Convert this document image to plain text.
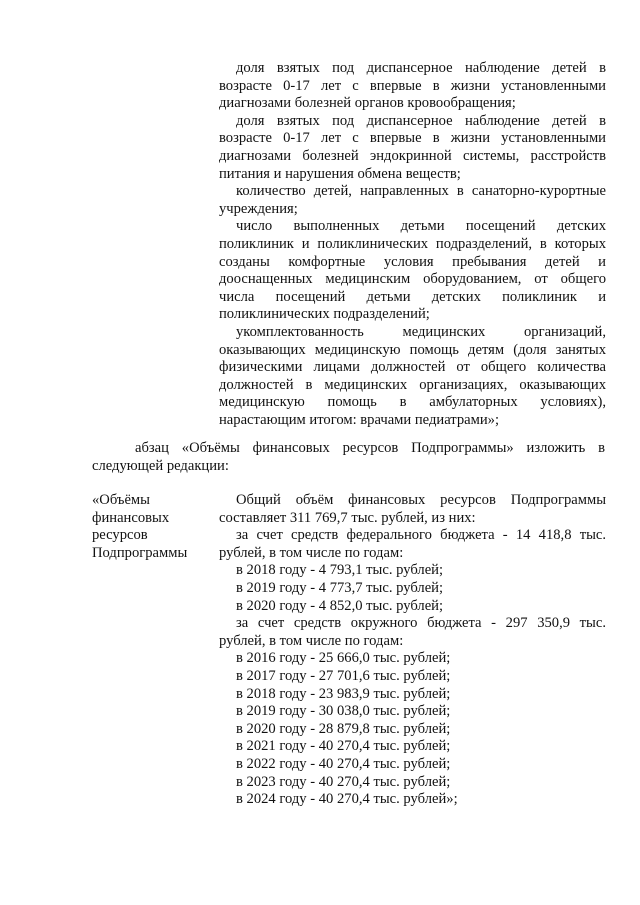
доля взятых под диспансерное наблюдение детей в возрасте 0-17 лет с впервые в жизни установленными диагнозами болезней органов кровообращения;

доля взятых под диспансерное наблюдение детей в возрасте 0-17 лет с впервые в жизни установленными диагнозами болезней эндокринной системы, расстройств питания и нарушения обмена веществ;

количество детей, направленных в санаторно-курортные учреждения;

число выполненных детьми посещений детских поликлиник и поликлинических подразделений, в которых созданы комфортные условия пребывания детей и дооснащенных медицинским оборудованием, от общего числа посещений детьми детских поликлиник и поликлинических подразделений;

укомплектованность медицинских организаций, оказывающих медицинскую помощь детям (доля занятых физическими лицами должностей от общего количества должностей в медицинских организациях, оказывающих медицинскую помощь в амбулаторных условиях), нарастающим итогом: врачами педиатрами»;

абзац «Объёмы финансовых ресурсов Подпрограммы» изложить в следующей редакции:

«Объёмы финансовых ресурсов Подпрограммы

Общий объём финансовых ресурсов Подпрограммы составляет 311 769,7 тыс. рублей, из них:

за счет средств федерального бюджета - 14 418,8 тыс. рублей, в том числе по годам:

в 2018 году - 4 793,1 тыс. рублей;

в 2019 году - 4 773,7 тыс. рублей;

в 2020 году - 4 852,0 тыс. рублей;

за счет средств окружного бюджета - 297 350,9 тыс. рублей, в том числе по годам:

в 2016 году - 25 666,0 тыс. рублей;

в 2017 году - 27 701,6 тыс. рублей;

в 2018 году - 23 983,9 тыс. рублей;

в 2019 году - 30 038,0 тыс. рублей;

в 2020 году - 28 879,8 тыс. рублей;

в 2021 году - 40 270,4 тыс. рублей;

в 2022 году - 40 270,4 тыс. рублей;

в 2023 году - 40 270,4 тыс. рублей;

в 2024 году - 40 270,4 тыс. рублей»;
